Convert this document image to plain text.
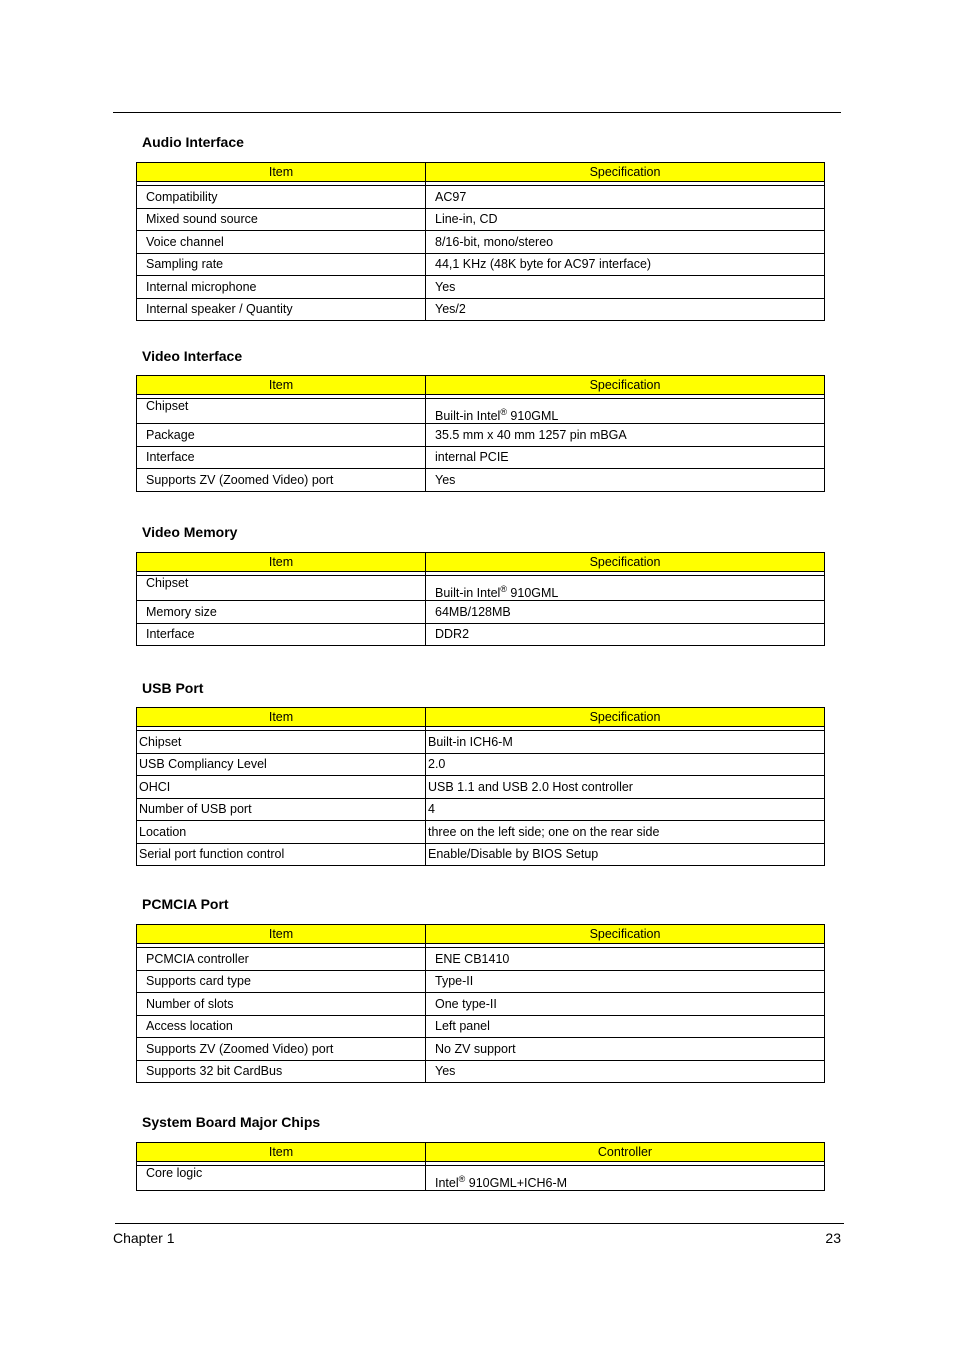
Audio Interface
Item	Specification

Compatibility	AC97
Mixed sound source	Line-in, CD
Voice channel	8/16-bit, mono/stereo
Sampling rate	44,1 KHz (48K byte for AC97 interface)
Internal microphone	Yes
Internal speaker / Quantity	Yes/2
Video Interface
Item	Specification

Chipset	Built-in Intel® 910GML
Package	35.5 mm x 40 mm 1257 pin mBGA
Interface	internal PCIE
Supports ZV (Zoomed Video) port	Yes
Video Memory
Item	Specification

Chipset	Built-in Intel® 910GML
Memory size	64MB/128MB
Interface	DDR2
USB Port
Item	Specification

Chipset	Built-in ICH6-M
USB Compliancy Level	2.0
OHCI	USB 1.1 and USB 2.0 Host controller
Number of USB port	4
Location	three on the left side; one on the rear side
Serial port function control	Enable/Disable by BIOS Setup
PCMCIA Port
Item	Specification

PCMCIA controller	ENE CB1410
Supports card type	Type-II
Number of slots	One type-II
Access location	Left panel
Supports ZV (Zoomed Video) port	No ZV support
Supports 32 bit CardBus	Yes
System Board Major Chips
Item	Controller

Core logic	Intel® 910GML+ICH6-M
Chapter 1	23
